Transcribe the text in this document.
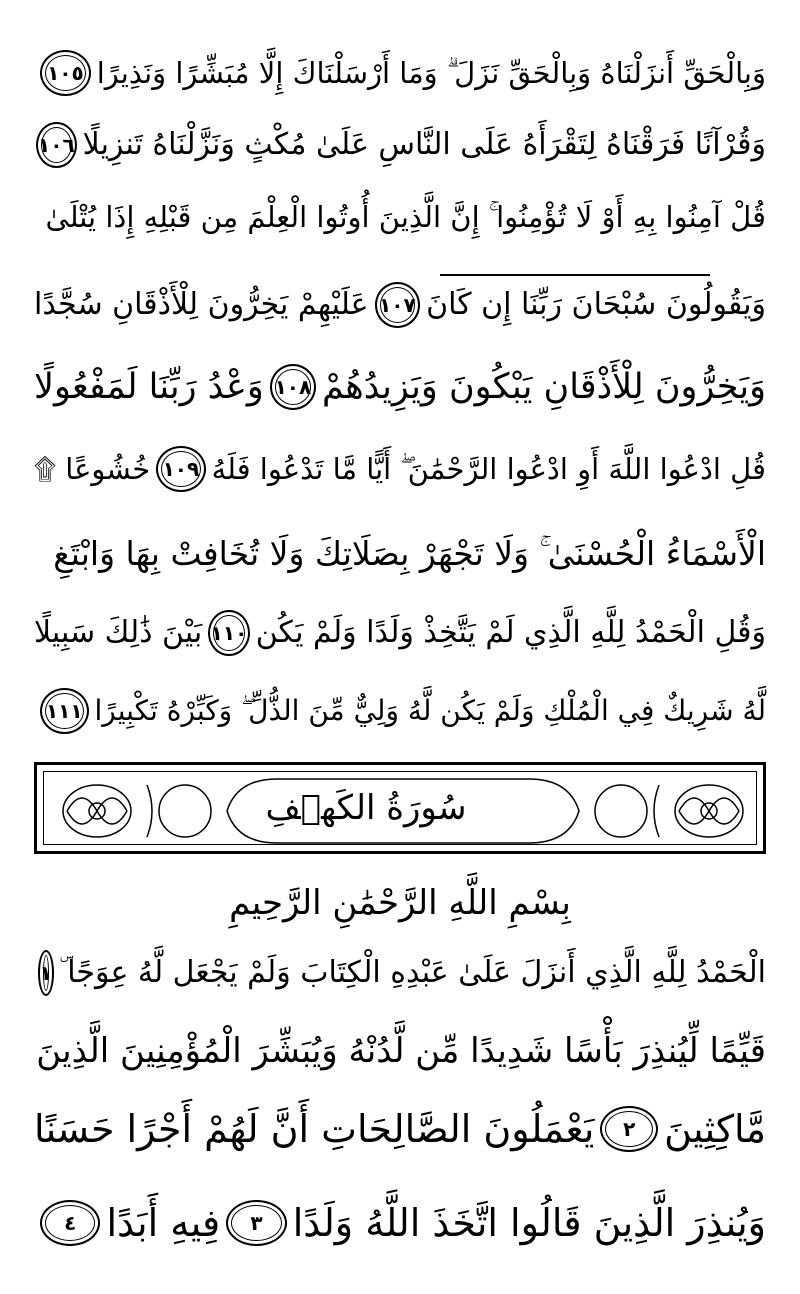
وَبِالْحَقِّ أَنزَلْنَاهُ وَبِالْحَقِّ نَزَلَ ۗ وَمَا أَرْسَلْنَاكَ إِلَّا مُبَشِّرًا وَنَذِيرًا
١٠٥
وَقُرْآنًا فَرَقْنَاهُ لِتَقْرَأَهُ عَلَى النَّاسِ عَلَىٰ مُكْثٍ وَنَزَّلْنَاهُ تَنزِيلًا
١٠٦
قُلْ آمِنُوا بِهِ أَوْ لَا تُؤْمِنُوا ۚ إِنَّ الَّذِينَ أُوتُوا الْعِلْمَ مِن قَبْلِهِ إِذَا يُتْلَىٰ
وَيَقُولُونَ سُبْحَانَ رَبِّنَا إِن كَانَ
١٠٧
عَلَيْهِمْ يَخِرُّونَ لِلْأَذْقَانِ سُجَّدًا
وَيَخِرُّونَ لِلْأَذْقَانِ يَبْكُونَ وَيَزِيدُهُمْ
١٠٨
وَعْدُ رَبِّنَا لَمَفْعُولًا
قُلِ ادْعُوا اللَّهَ أَوِ ادْعُوا الرَّحْمَٰنَ ۖ أَيًّا مَّا تَدْعُوا فَلَهُ
١٠٩
خُشُوعًا ۩
الْأَسْمَاءُ الْحُسْنَىٰ ۚ وَلَا تَجْهَرْ بِصَلَاتِكَ وَلَا تُخَافِتْ بِهَا وَابْتَغِ
وَقُلِ الْحَمْدُ لِلَّهِ الَّذِي لَمْ يَتَّخِذْ وَلَدًا وَلَمْ يَكُن
١١٠
بَيْنَ ذَٰلِكَ سَبِيلًا
لَّهُ شَرِيكٌ فِي الْمُلْكِ وَلَمْ يَكُن لَّهُ وَلِيٌّ مِّنَ الذُّلِّ ۖ وَكَبِّرْهُ تَكْبِيرًا
١١١
سُورَةُ الكَهۡفِ
بِسْمِ اللَّهِ الرَّحْمَٰنِ الرَّحِيمِ
الْحَمْدُ لِلَّهِ الَّذِي أَنزَلَ عَلَىٰ عَبْدِهِ الْكِتَابَ وَلَمْ يَجْعَل لَّهُ عِوَجًا ۜ
١
قَيِّمًا لِّيُنذِرَ بَأْسًا شَدِيدًا مِّن لَّدُنْهُ وَيُبَشِّرَ الْمُؤْمِنِينَ الَّذِينَ
مَّاكِثِينَ
٢
يَعْمَلُونَ الصَّالِحَاتِ أَنَّ لَهُمْ أَجْرًا حَسَنًا
وَيُنذِرَ الَّذِينَ قَالُوا اتَّخَذَ اللَّهُ وَلَدًا
٣
فِيهِ أَبَدًا
٤
